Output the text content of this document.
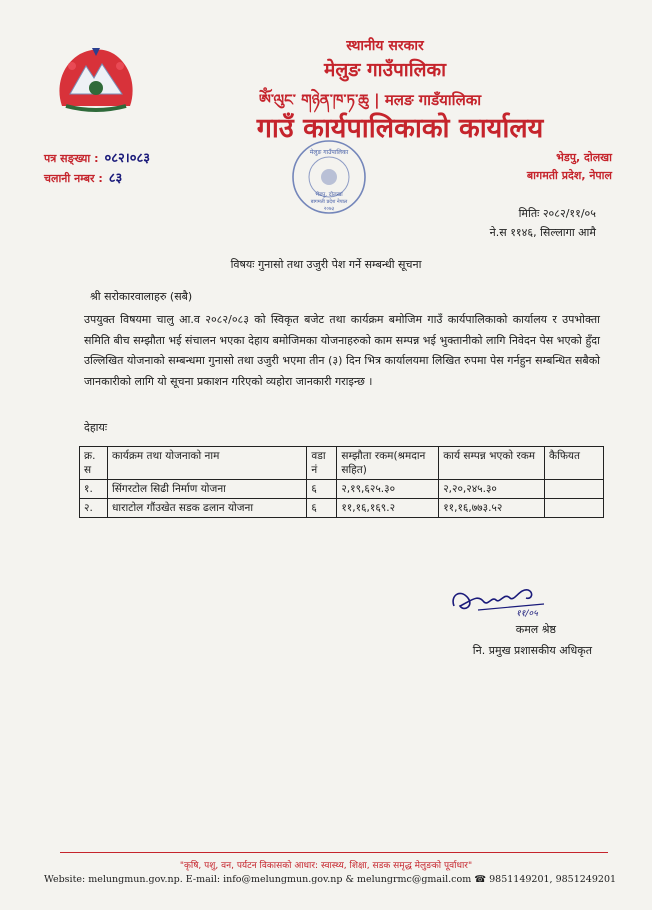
स्थानीय सरकार
मेलुङ गाउँपालिका
ༀ་ལུང་ གཉེན་ཁ་ཏ་ཆུ | मलङ गाडँयालिका
गाउँ कार्यपालिकाको कार्यालय
पत्र सङ्ख्या : ०८२।०८३
चलानी नम्बर : ८३
भेडपु, दोलखा
बागमती प्रदेश, नेपाल
मेलुङ गाउँपालिका
भेडपु, दोलखा
बागमती प्रदेश नेपाल
२०७३	मितिः २०८२/११/०५
ने.स ११४६, सिल्लागा आमै
विषयः गुनासो तथा उजुरी पेश गर्ने सम्बन्धी सूचना
श्री सरोकारवालाहरु (सबै)
उपयुक्त विषयमा चालु आ.व २०८२/०८३ को स्विकृत बजेट तथा कार्यक्रम बमोजिम गाउँ कार्यपालिकाको कार्यालय र उपभोक्ता समिति बीच सम्झौता भई संचालन भएका देहाय बमोजिमका योजनाहरुको काम सम्पन्न भई भुक्तानीको लागि निवेदन पेस भएको हुँदा उल्लिखित योजनाको सम्बन्धमा गुनासो तथा उजुरी भएमा तीन (३) दिन भित्र कार्यालयमा लिखित रुपमा पेस गर्नहुन सम्बन्धित सबैको जानकारीको लागि यो सूचना प्रकाशन गरिएको व्यहोरा जानकारी गराइन्छ ।
देहायः
क्र. स	कार्यक्रम तथा योजनाको नाम	वडा नं	सम्झौता रकम(श्रमदान सहित)	कार्य सम्पन्न भएको रकम	कैफियत
१.	सिंगरटोल सिढी निर्माण योजना	६	२,१९,६२५.३०	२,२०,२४५.३०	
२.	धाराटोल गौंउखेत सडक ढलान योजना	६	११,१६,१६९.२	११,१६,७७३.५२	
११/०५
कमल श्रेष्ठ
नि. प्रमुख प्रशासकीय अधिकृत
"कृषि, पशु, वन, पर्यटन विकासको आधार: स्वास्थ्य, शिक्षा, सडक समृद्ध मेलुङको पूर्वाधार"
Website: melungmun.gov.np. E-mail: info@melungmun.gov.np & melungrmc@gmail.com ☎ 9851149201, 9851249201
